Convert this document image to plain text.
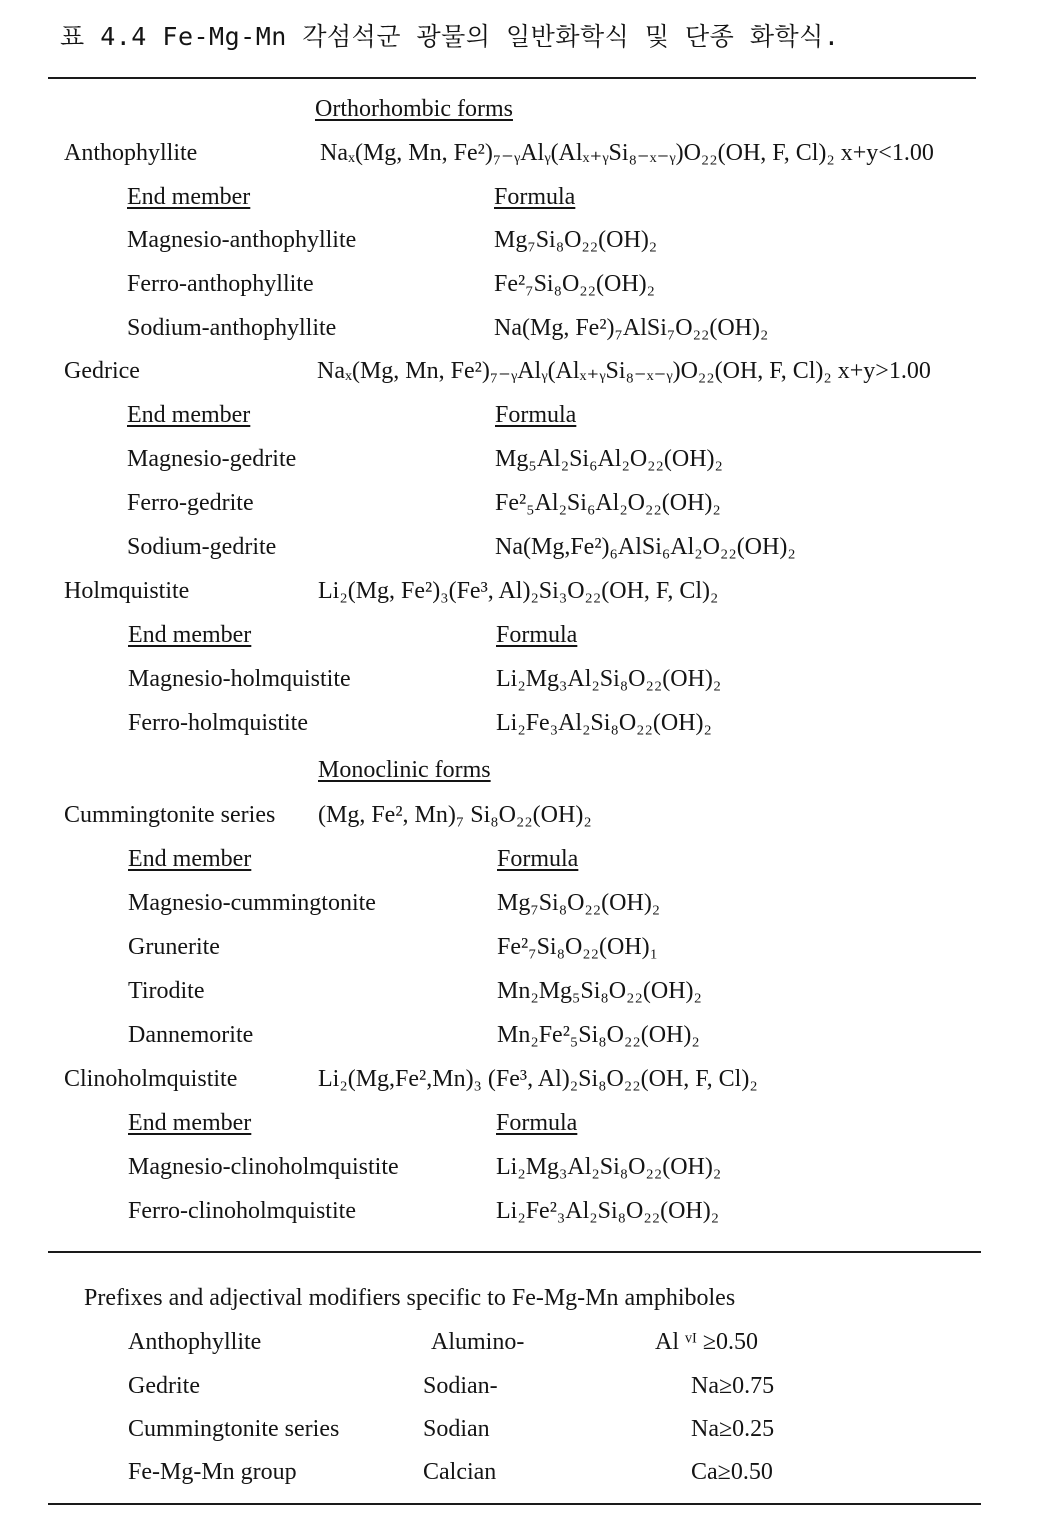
표 4.4 Fe-Mg-Mn 각섬석군 광물의 일반화학식 및 단종 화학식.
Orthorhombic forms
Anthophyllite	Naₓ(Mg, Mn, Fe²)₇₋ᵧAlᵧ(Alₓ₊ᵧSi₈₋ₓ₋ᵧ)O₂₂(OH, F, Cl)₂ x+y<1.00
End member	Formula
Magnesio-anthophyllite	Mg₇Si₈O₂₂(OH)₂
Ferro-anthophyllite	Fe²₇Si₈O₂₂(OH)₂
Sodium-anthophyllite	Na(Mg, Fe²)₇AlSi₇O₂₂(OH)₂
Gedrice	Naₓ(Mg, Mn, Fe²)₇₋ᵧAlᵧ(Alₓ₊ᵧSi₈₋ₓ₋ᵧ)O₂₂(OH, F, Cl)₂ x+y>1.00
End member	Formula
Magnesio-gedrite	Mg₅Al₂Si₆Al₂O₂₂(OH)₂
Ferro-gedrite	Fe²₅Al₂Si₆Al₂O₂₂(OH)₂
Sodium-gedrite	Na(Mg,Fe²)₆AlSi₆Al₂O₂₂(OH)₂
Holmquistite	Li₂(Mg, Fe²)₃(Fe³, Al)₂Si₃O₂₂(OH, F, Cl)₂
End member	Formula
Magnesio-holmquistite	Li₂Mg₃Al₂Si₈O₂₂(OH)₂
Ferro-holmquistite	Li₂Fe₃Al₂Si₈O₂₂(OH)₂
Monoclinic forms
Cummingtonite series (Mg, Fe², Mn)₇ Si₈O₂₂(OH)₂
End member	Formula
Magnesio-cummingtonite	Mg₇Si₈O₂₂(OH)₂
Grunerite	Fe²₇Si₈O₂₂(OH)₁
Tirodite	Mn₂Mg₅Si₈O₂₂(OH)₂
Dannemorite	Mn₂Fe²₅Si₈O₂₂(OH)₂
Clinoholmquistite	Li₂(Mg,Fe²,Mn)₃ (Fe³, Al)₂Si₈O₂₂(OH, F, Cl)₂
End member	Formula
Magnesio-clinoholmquistite	Li₂Mg₃Al₂Si₈O₂₂(OH)₂
Ferro-clinoholmquistite	Li₂Fe²₃Al₂Si₈O₂₂(OH)₂
Prefixes and adjectival modifiers specific to Fe-Mg-Mn amphiboles
Anthophyllite	Alumino-	Al ᵛᴵ ≥0.50
Gedrite	Sodian-	Na≥0.75
Cummingtonite series	Sodian	Na≥0.25
Fe-Mg-Mn group	Calcian	Ca≥0.50
